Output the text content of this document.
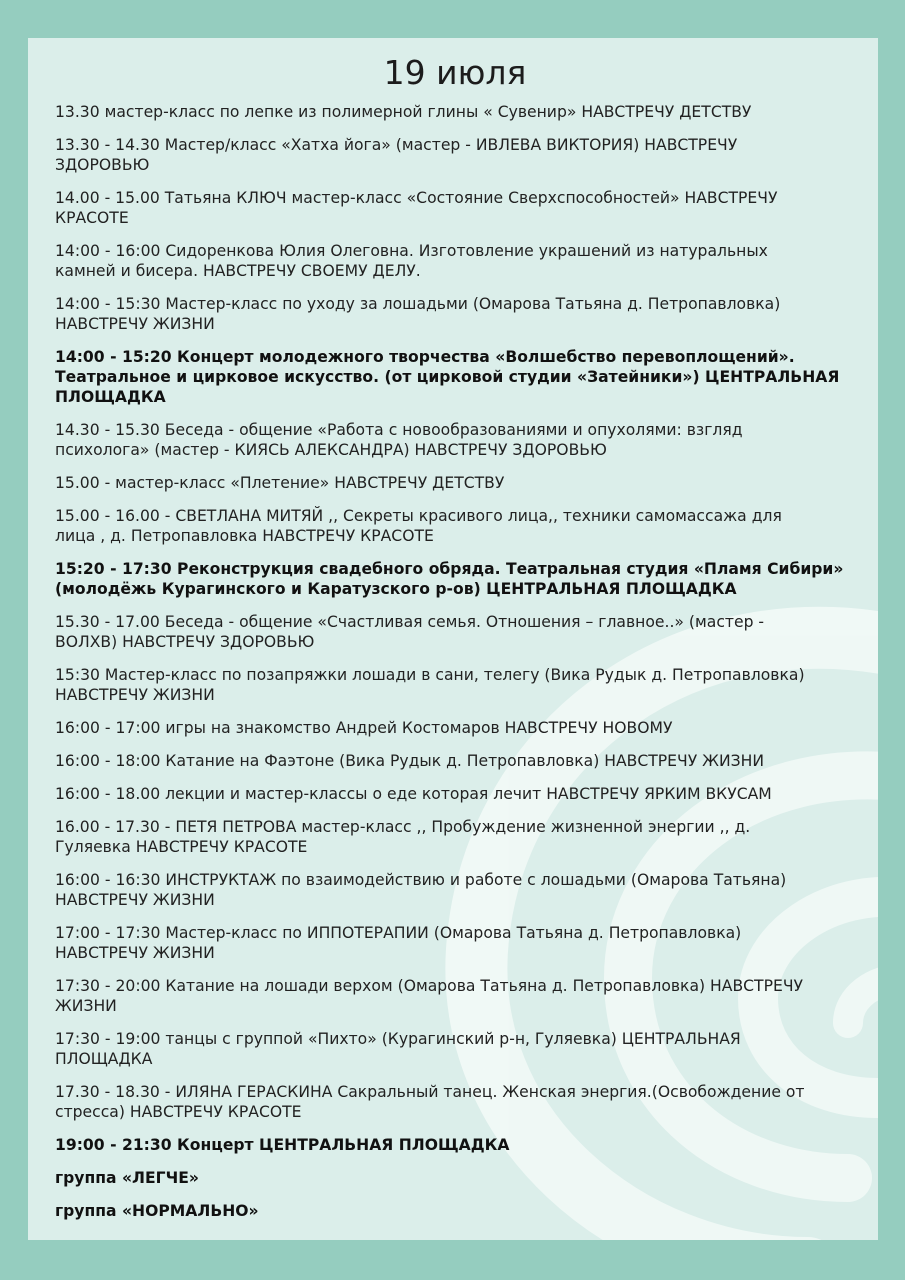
19 июля
13.30 мастер-класс по лепке из полимерной глины « Сувенир» НАВСТРЕЧУ ДЕТСТВУ
13.30 - 14.30 Мастер/класс «Хатха йога» (мастер - ИВЛЕВА ВИКТОРИЯ) НАВСТРЕЧУ
ЗДОРОВЬЮ
14.00 - 15.00 Татьяна КЛЮЧ мастер-класс «Состояние Сверхспособностей» НАВСТРЕЧУ
КРАСОТЕ
14:00 - 16:00 Сидоренкова Юлия Олеговна. Изготовление украшений из натуральных
камней и бисера. НАВСТРЕЧУ СВОЕМУ ДЕЛУ.
14:00 - 15:30 Мастер-класс по уходу за лошадьми (Омарова Татьяна д. Петропавловка)
НАВСТРЕЧУ ЖИЗНИ
14:00 - 15:20 Концерт молодежного творчества «Волшебство перевоплощений».
Театральное и цирковое искусство. (от цирковой студии «Затейники») ЦЕНТРАЛЬНАЯ
ПЛОЩАДКА
14.30 - 15.30 Беседа - общение «Работа с новообразованиями и опухолями: взгляд
психолога» (мастер - КИЯСЬ АЛЕКСАНДРА) НАВСТРЕЧУ ЗДОРОВЬЮ
15.00 - мастер-класс «Плетение» НАВСТРЕЧУ ДЕТСТВУ
15.00 - 16.00 - СВЕТЛАНА МИТЯЙ ,, Секреты красивого лица,, техники самомассажа для
лица , д. Петропавловка НАВСТРЕЧУ КРАСОТЕ
15:20 - 17:30 Реконструкция свадебного обряда. Театральная студия «Пламя Сибири»
(молодёжь Курагинского и Каратузского р-ов) ЦЕНТРАЛЬНАЯ ПЛОЩАДКА
15.30 - 17.00 Беседа - общение «Счастливая семья. Отношения – главное..» (мастер -
ВОЛХВ) НАВСТРЕЧУ ЗДОРОВЬЮ
15:30 Мастер-класс по позапряжки лошади в сани, телегу (Вика Рудык д. Петропавловка)
НАВСТРЕЧУ ЖИЗНИ
16:00 - 17:00 игры на знакомство Андрей Костомаров НАВСТРЕЧУ НОВОМУ
16:00 - 18:00 Катание на Фаэтоне (Вика Рудык д. Петропавловка) НАВСТРЕЧУ ЖИЗНИ
16:00 - 18.00 лекции и мастер-классы о еде которая лечит НАВСТРЕЧУ ЯРКИМ ВКУСАМ
16.00 - 17.30 - ПЕТЯ ПЕТРОВА мастер-класс ,, Пробуждение жизненной энергии ,, д.
Гуляевка НАВСТРЕЧУ КРАСОТЕ
16:00 - 16:30 ИНСТРУКТАЖ по взаимодействию и работе с лошадьми (Омарова Татьяна)
НАВСТРЕЧУ ЖИЗНИ
17:00 - 17:30 Мастер-класс по ИППОТЕРАПИИ (Омарова Татьяна д. Петропавловка)
НАВСТРЕЧУ ЖИЗНИ
17:30 - 20:00 Катание на лошади верхом (Омарова Татьяна д. Петропавловка) НАВСТРЕЧУ
ЖИЗНИ
17:30 - 19:00 танцы с группой «Пихто» (Курагинский р-н, Гуляевка) ЦЕНТРАЛЬНАЯ
ПЛОЩАДКА
17.30 - 18.30 - ИЛЯНА ГЕРАСКИНА Сакральный танец. Женская энергия.(Освобождение от
стресса) НАВСТРЕЧУ КРАСОТЕ
19:00 - 21:30 Концерт ЦЕНТРАЛЬНАЯ ПЛОЩАДКА
группа «ЛЕГЧЕ»
группа «НОРМАЛЬНО»
